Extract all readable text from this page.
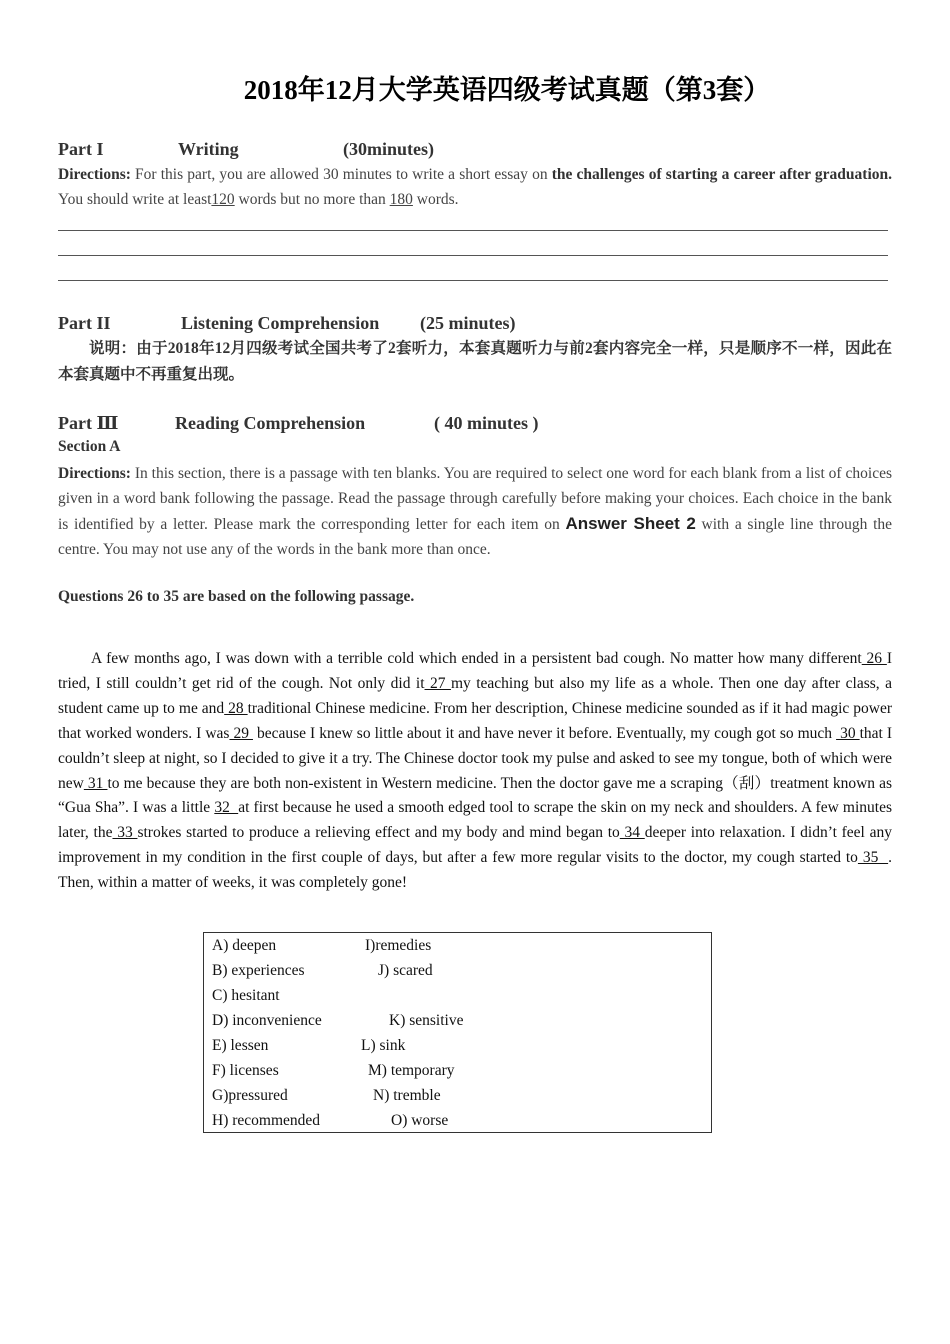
2018年12月大学英语四级考试真题（第3套）
Part I	Writing	(30minutes)
Directions: For this part, you are allowed 30 minutes to write a short essay on the challenges of starting a career after graduation. You should write at least120 words but no more than 180 words.
Part II	Listening Comprehension (25 minutes)
说明：由于2018年12月四级考试全国共考了2套听力，本套真题听力与前2套内容完全一样，只是顺序不一样，因此在本套真题中不再重复出现。
Part Ⅲ	Reading Comprehension	( 40 minutes )
Section A
Directions: In this section, there is a passage with ten blanks. You are required to select one word for each blank from a list of choices given in a word bank following the passage. Read the passage through carefully before making your choices. Each choice in the bank is identified by a letter. Please mark the corresponding letter for each item on Answer Sheet 2 with a single line through the centre. You may not use any of the words in the bank more than once.
Questions 26 to 35 are based on the following passage.
A few months ago, I was down with a terrible cold which ended in a persistent bad cough. No matter how many different 26 I tried, I still couldn’t get rid of the cough. Not only did it 27 my teaching but also my life as a whole. Then one day after class, a student came up to me and 28 traditional Chinese medicine. From her description, Chinese medicine sounded as if it had magic power that worked wonders. I was 29  because I knew so little about it and have never it before. Eventually, my cough got so much  30 that I couldn’t sleep at night, so I decided to give it a try. The Chinese doctor took my pulse and asked to see my tongue, both of which were new 31 to me because they are both non-existent in Western medicine. Then the doctor gave me a scraping（刮）treatment known as “Gua Sha”. I was a little 32  at first because he used a smooth edged tool to scrape the skin on my neck and shoulders. A few minutes later, the 33 strokes started to produce a relieving effect and my body and mind began to 34 deeper into relaxation. I didn’t feel any improvement in my condition in the first couple of days, but after a few more regular visits to the doctor, my cough started to 35  . Then, within a matter of weeks, it was completely gone!
A) deepen	I)remedies
B) experiences	J) scared
C) hesitant
D) inconvenience	K) sensitive
E) lessen	L) sink
F) licenses	M) temporary
G)pressured	N) tremble
H) recommended	O) worse
